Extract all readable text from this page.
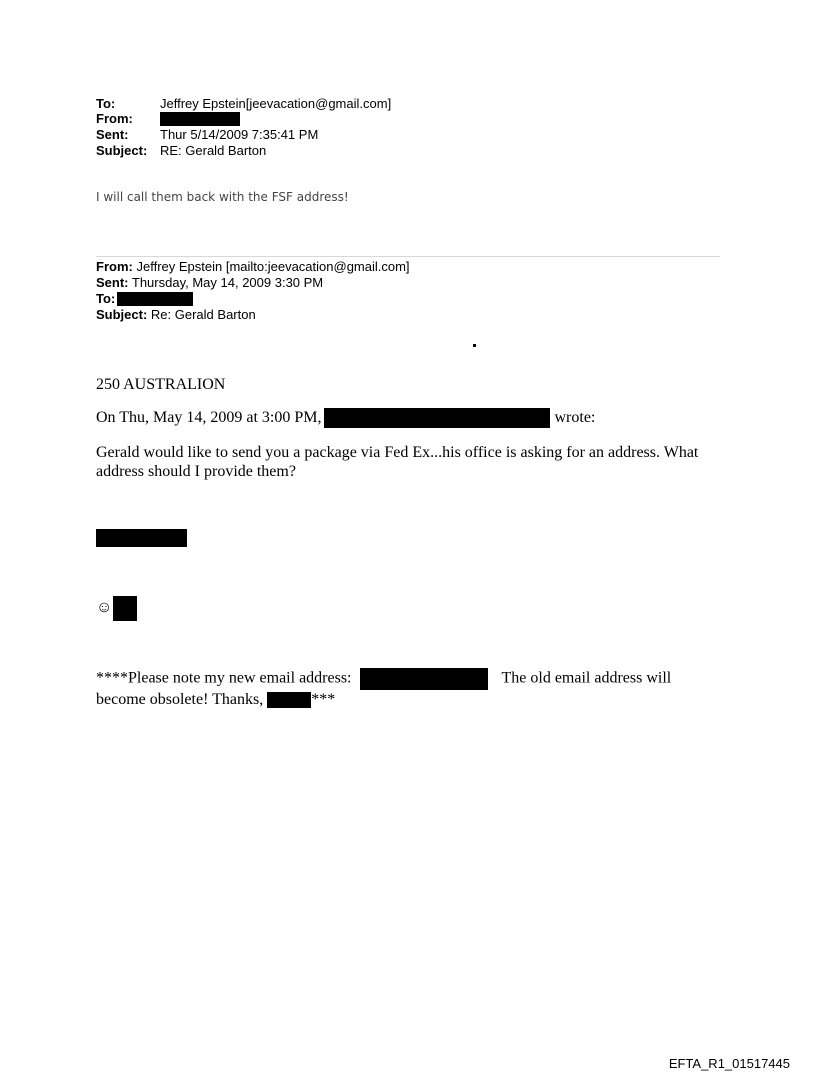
To:	Jeffrey Epstein[jeevacation@gmail.com]
From:
Sent: Thur 5/14/2009 7:35:41 PM
Subject: RE: Gerald Barton
I will call them back with the FSF address!
From: Jeffrey Epstein [mailto:jeevacation@gmail.com]
Sent: Thursday, May 14, 2009 3:30 PM
To:
Subject: Re: Gerald Barton
250 AUSTRALION
On Thu, May 14, 2009 at 3:00 PM,	wrote:
Gerald would like to send you a package via Fed Ex...his office is asking for an address. What address should I provide them?
☺
****Please note my new email address:	The old email address will become obsolete! Thanks,	***
EFTA_R1_01517445
